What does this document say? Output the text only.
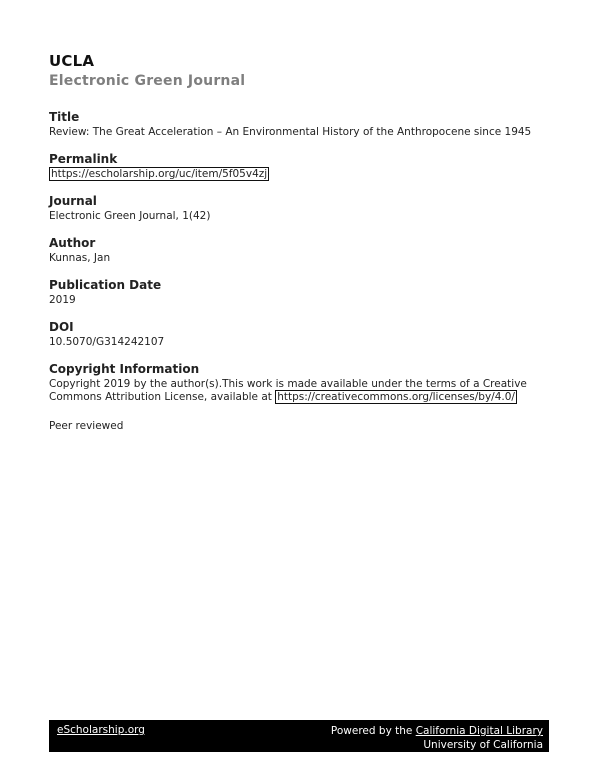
UCLA
Electronic Green Journal
Title
Review: The Great Acceleration – An Environmental History of the Anthropocene since 1945
Permalink
https://escholarship.org/uc/item/5f05v4zj
Journal
Electronic Green Journal, 1(42)
Author
Kunnas, Jan
Publication Date
2019
DOI
10.5070/G314242107
Copyright Information
Copyright 2019 by the author(s).This work is made available under the terms of a Creative Commons Attribution License, available at https://creativecommons.org/licenses/by/4.0/
Peer reviewed
eScholarship.org	Powered by the California Digital Library
University of California
